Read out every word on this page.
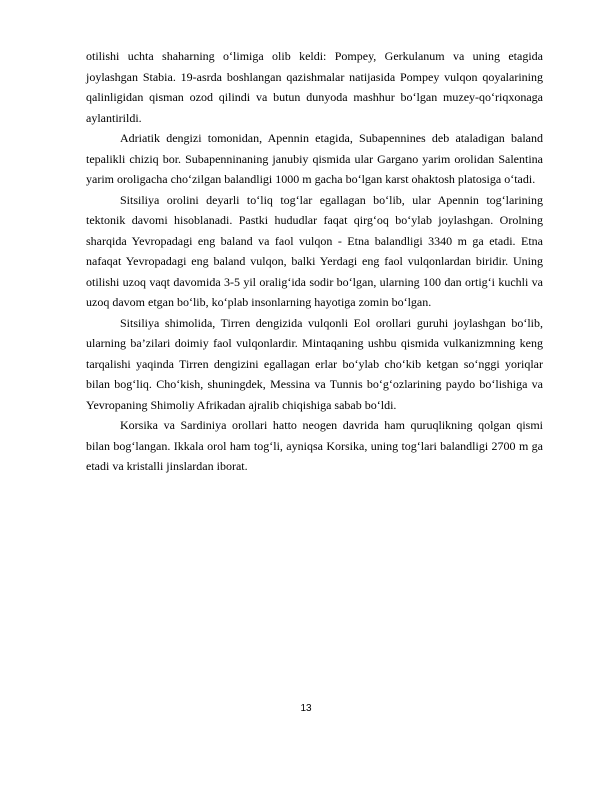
otilishi uchta shaharning o‘limiga olib keldi: Pompey, Gerkulanum va uning etagida joylashgan Stabia. 19-asrda boshlangan qazishmalar natijasida Pompey vulqon qoyalarining qalinligidan qisman ozod qilindi va butun dunyoda mashhur bo‘lgan muzey-qo‘riqxonaga aylantirildi.

Adriatik dengizi tomonidan, Apennin etagida, Subapennines deb ataladigan baland tepalikli chiziq bor. Subapenninaning janubiy qismida ular Gargano yarim orolidan Salentina yarim oroligacha cho‘zilgan balandligi 1000 m gacha bo‘lgan karst ohaktosh platosiga o‘tadi.

Sitsiliya orolini deyarli to‘liq tog‘lar egallagan bo‘lib, ular Apennin tog‘larining tektonik davomi hisoblanadi. Pastki hududlar faqat qirg‘oq bo‘ylab joylashgan. Orolning sharqida Yevropadagi eng baland va faol vulqon - Etna balandligi 3340 m ga etadi. Etna nafaqat Yevropadagi eng baland vulqon, balki Yerdagi eng faol vulqonlardan biridir. Uning otilishi uzoq vaqt davomida 3-5 yil oralig‘ida sodir bo‘lgan, ularning 100 dan ortig‘i kuchli va uzoq davom etgan bo‘lib, ko‘plab insonlarning hayotiga zomin bo‘lgan.

Sitsiliya shimolida, Tirren dengizida vulqonli Eol orollari guruhi joylashgan bo‘lib, ularning ba’zilari doimiy faol vulqonlardir. Mintaqaning ushbu qismida vulkanizmning keng tarqalishi yaqinda Tirren dengizini egallagan erlar bo‘ylab cho‘kib ketgan so‘nggi yoriqlar bilan bog‘liq. Cho‘kish, shuningdek, Messina va Tunnis bo‘g‘ozlarining paydo bo‘lishiga va Yevropaning Shimoliy Afrikadan ajralib chiqishiga sabab bo‘ldi.

Korsika va Sardiniya orollari hatto neogen davrida ham quruqlikning qolgan qismi bilan bog‘langan. Ikkala orol ham tog‘li, ayniqsa Korsika, uning tog‘lari balandligi 2700 m ga etadi va kristalli jinslardan iborat.

13
